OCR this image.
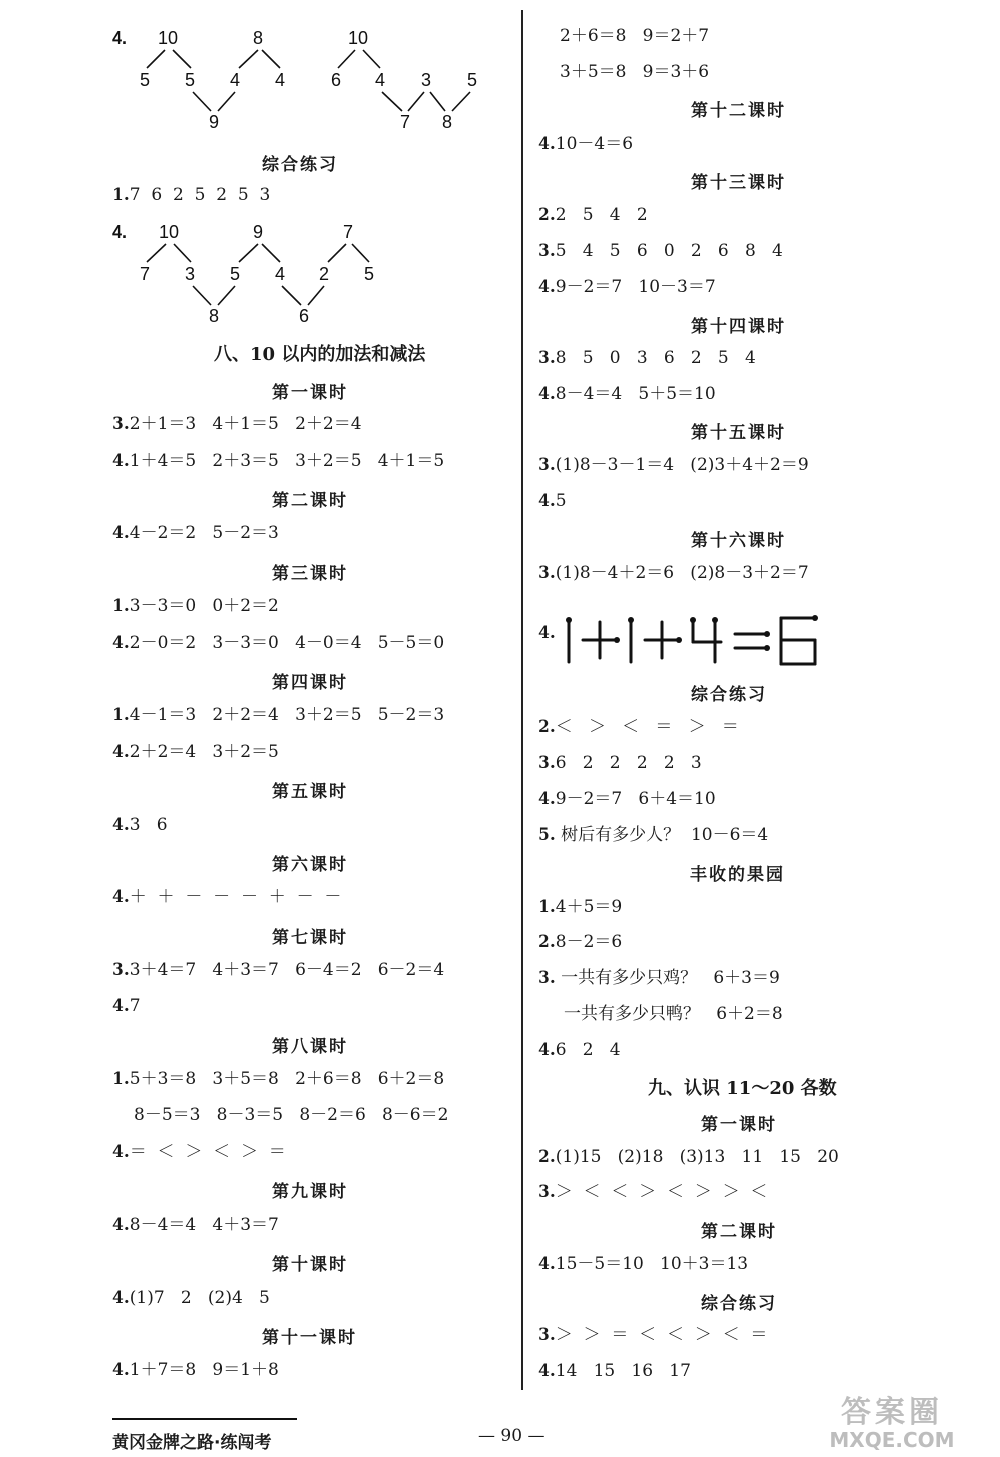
4. 10
5 5
9
8
4 4
10
6 4
7
3
8
5
综合练习
1.7  6  2  5  2  5  3
4. 10
7 3
8
5
9
4
6
2
7
5
八、10 以内的加法和减法
第一课时
3.2＋1＝3   4＋1＝5   2＋2＝4
4.1＋4＝5   2＋3＝5   3＋2＝5   4＋1＝5
第二课时
4.4－2＝2   5－2＝3
第三课时
1.3－3＝0   0＋2＝2
4.2－0＝2   3－3＝0   4－0＝4   5－5＝0
第四课时
1.4－1＝3   2＋2＝4   3＋2＝5   5－2＝3
4.2＋2＝4   3＋2＝5
第五课时
4.3   6
第六课时
4.＋  ＋  －  －  －  ＋  －  －
第七课时
3.3＋4＝7   4＋3＝7   6－4＝2   6－2＝4
4.7
第八课时
1.5＋3＝8   3＋5＝8   2＋6＝8   6＋2＝8
8－5＝3   8－3＝5   8－2＝6   8－6＝2
4.＝  ＜  ＞  ＜  ＞  ＝
第九课时
4.8－4＝4   4＋3＝7
第十课时
4.(1)7   2   (2)4   5
第十一课时
4.1＋7＝8   9＝1＋8
2＋6＝8   9＝2＋7
3＋5＝8   9＝3＋6
第十二课时
4.10－4＝6
第十三课时
2.2   5   4   2
3.5   4   5   6   0   2   6   8   4
4.9－2＝7   10－3＝7
第十四课时
3.8   5   0   3   6   2   5   4
4.8－4＝4   5＋5＝10
第十五课时
3.(1)8－3－1＝4   (2)3＋4＋2＝9
4.5
第十六课时
3.(1)8－4＋2＝6   (2)8－3＋2＝7
4.
综合练习
2.＜   ＞   ＜   ＝   ＞   ＝
3.6   2   2   2   2   3
4.9－2＝7   6＋4＝10
5. 树后有多少人？  10－6＝4
丰收的果园
1.4＋5＝9
2.8－2＝6
3. 一共有多少只鸡？   6＋3＝9
一共有多少只鸭？   6＋2＝8
4.6   2   4
九、认识 11～20 各数
第一课时
2.(1)15   (2)18   (3)13   11   15   20
3.＞  ＜  ＜  ＞  ＜  ＞  ＞  ＜
第二课时
4.15－5＝10   10＋3＝13
综合练习
3.＞  ＞  ＝  ＜  ＜  ＞  ＜  ＝
4.14   15   16   17
黄冈金牌之路·练闯考	— 90 —
答案圈
MXQE.COM
